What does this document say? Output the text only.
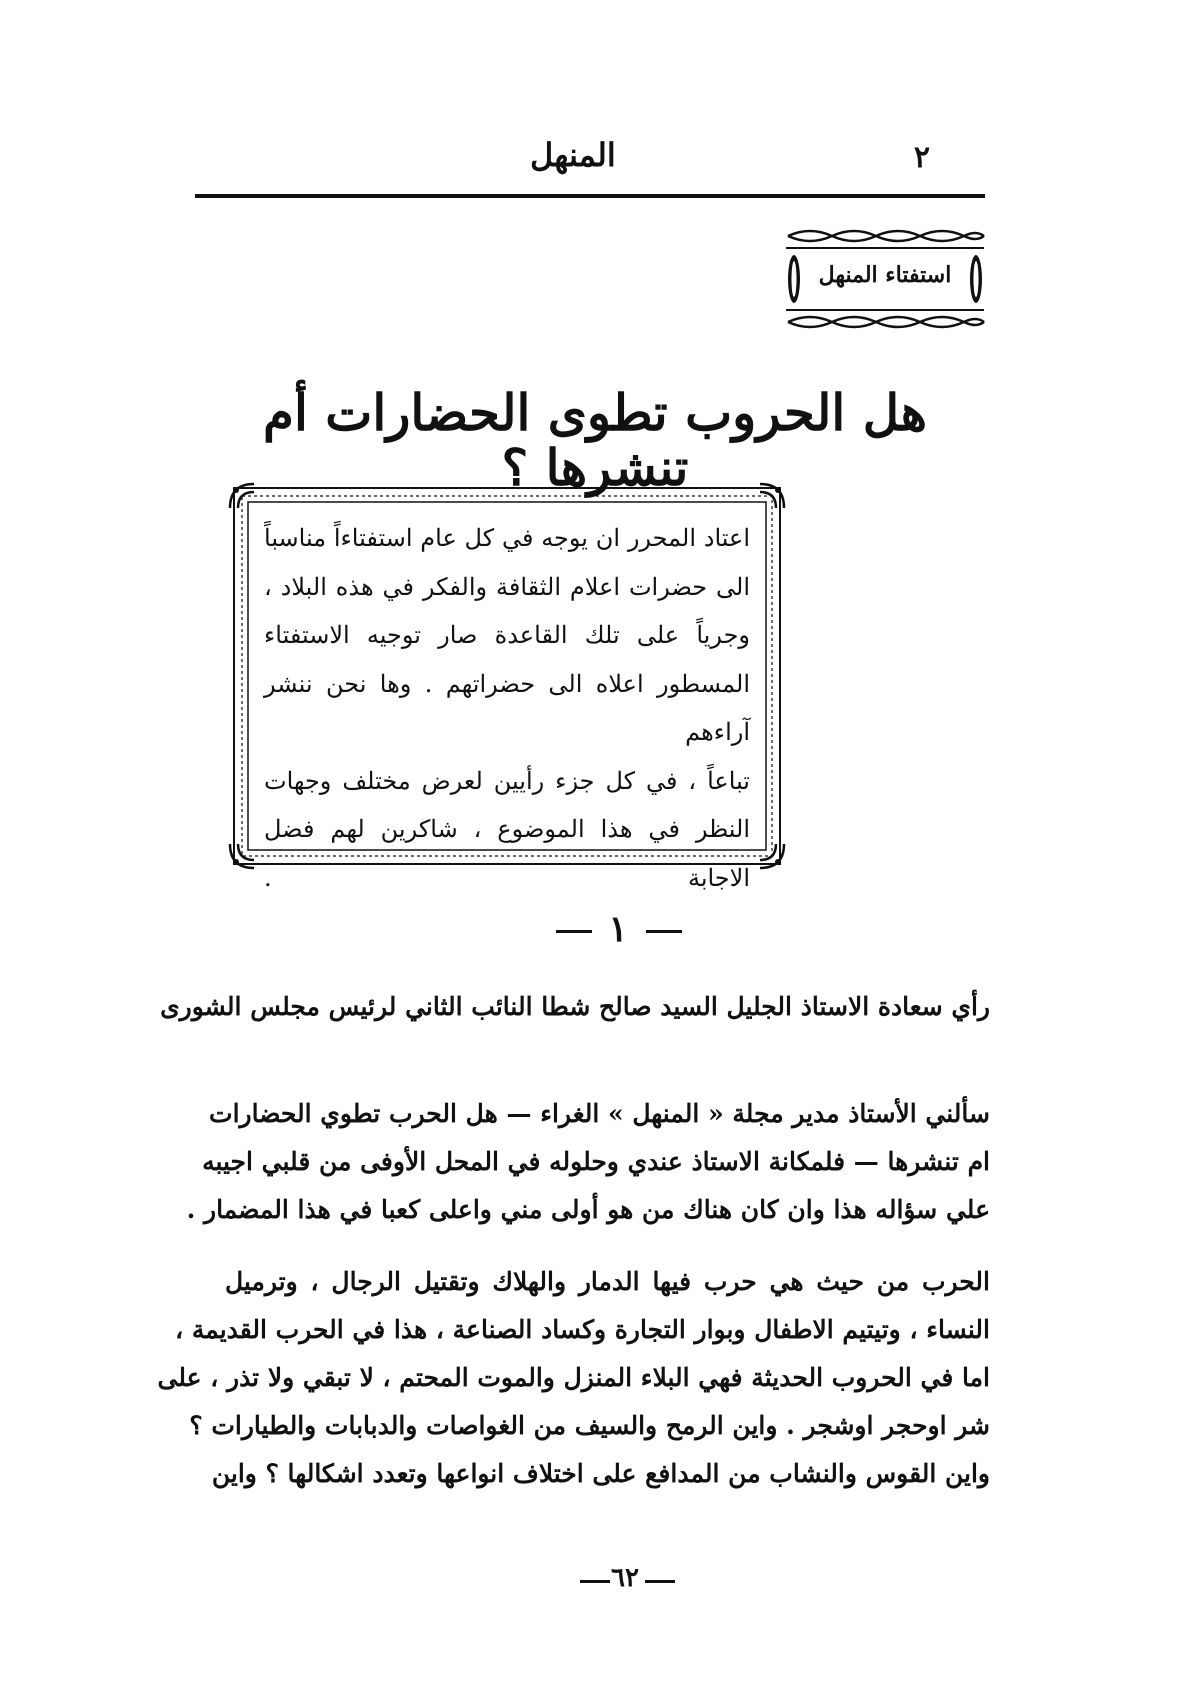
٢
المنهل
استفتاء المنهل
هل الحروب تطوى الحضارات أم تنشرها ؟
اعتاد المحرر ان يوجه في كل عام استفتاءاً مناسباً
الى حضرات اعلام الثقافة والفكر في هذه البلاد ،
وجرياً على تلك القاعدة صار توجيه الاستفتاء
المسطور اعلاه الى حضراتهم . وها نحن ننشر آراءهم
تباعاً ، في كل جزء رأيين لعرض مختلف وجهات
النظر في هذا الموضوع ، شاكرين لهم فضل الاجابة .
١
رأي سعادة الاستاذ الجليل السيد صالح شطا النائب الثاني لرئيس مجلس الشورى
سألني الأستاذ مدير مجلة « المنهل » الغراء — هل الحرب تطوي الحضارات
ام تنشرها — فلمكانة الاستاذ عندي وحلوله في المحل الأوفى من قلبي اجيبه
علي سؤاله هذا وان كان هناك من هو أولى مني واعلى كعبا في هذا المضمار .
الحرب من حيث هي حرب فيها الدمار والهلاك وتقتيل الرجال ، وترميل
النساء ، وتيتيم الاطفال وبوار التجارة وكساد الصناعة ، هذا في الحرب القديمة ،
اما في الحروب الحديثة فهي البلاء المنزل والموت المحتم ، لا تبقي ولا تذر ، على
شر اوحجر اوشجر . واين الرمح والسيف من الغواصات والدبابات والطيارات ؟
واين القوس والنشاب من المدافع على اختلاف انواعها وتعدد اشكالها ؟ واين
٦٢
